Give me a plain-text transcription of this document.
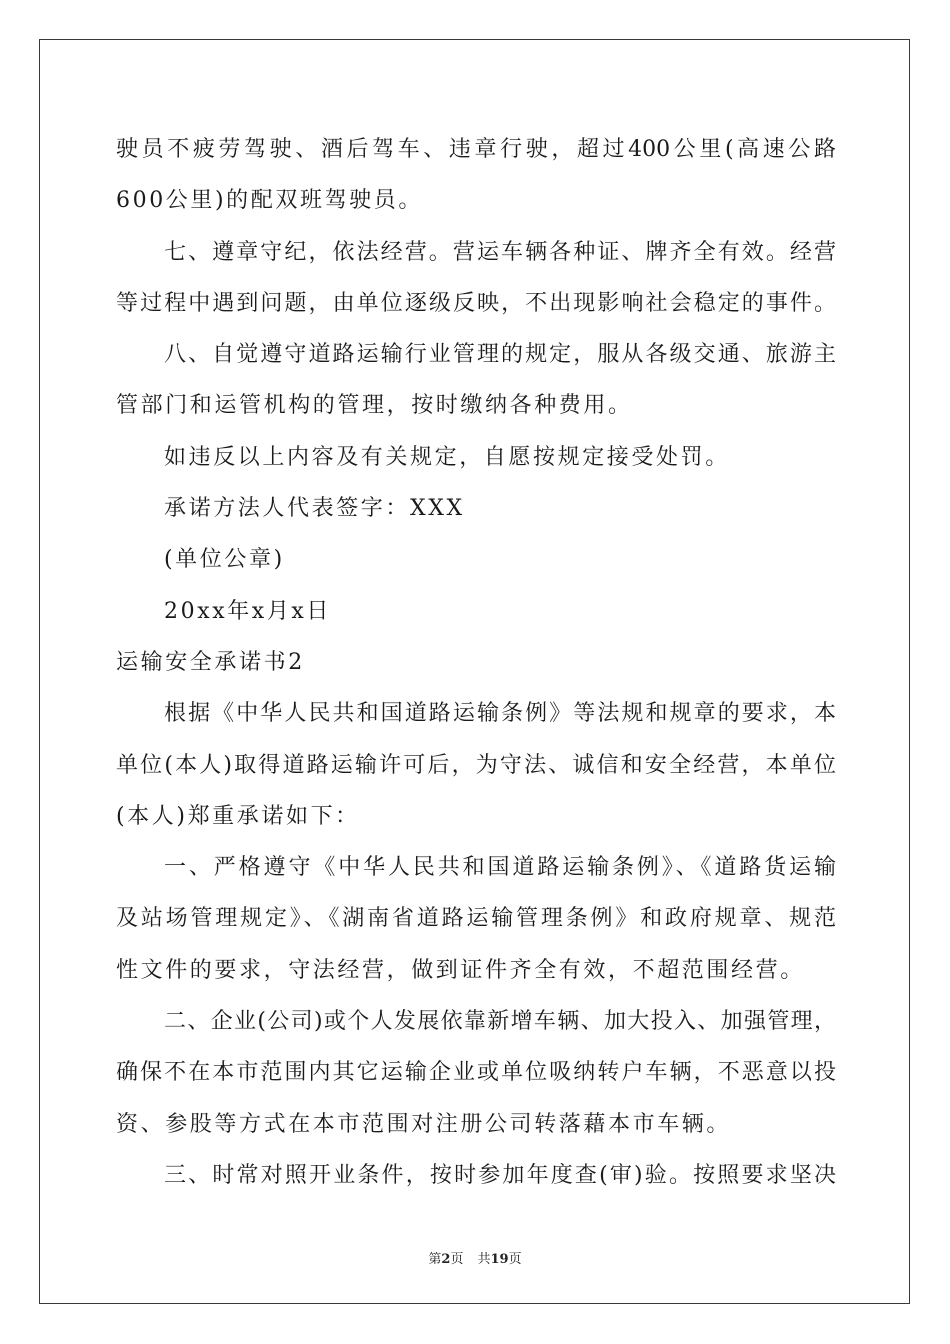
驶员不疲劳驾驶、酒后驾车、违章行驶，超过400公里(高速公路
600公里)的配双班驾驶员。
七、遵章守纪，依法经营。营运车辆各种证、牌齐全有效。经营
等过程中遇到问题，由单位逐级反映，不出现影响社会稳定的事件。
八、自觉遵守道路运输行业管理的规定，服从各级交通、旅游主
管部门和运管机构的管理，按时缴纳各种费用。
如违反以上内容及有关规定，自愿按规定接受处罚。
承诺方法人代表签字：XXX
(单位公章)
20xx年x月x日
运输安全承诺书2
根据《中华人民共和国道路运输条例》等法规和规章的要求，本
单位(本人)取得道路运输许可后，为守法、诚信和安全经营，本单位
(本人)郑重承诺如下：
一、严格遵守《中华人民共和国道路运输条例》、《道路货运输
及站场管理规定》、《湖南省道路运输管理条例》和政府规章、规范
性文件的要求，守法经营，做到证件齐全有效，不超范围经营。
二、企业(公司)或个人发展依靠新增车辆、加大投入、加强管理，
确保不在本市范围内其它运输企业或单位吸纳转户车辆，不恶意以投
资、参股等方式在本市范围对注册公司转落藉本市车辆。
三、时常对照开业条件，按时参加年度查(审)验。按照要求坚决
第2页 共19页
